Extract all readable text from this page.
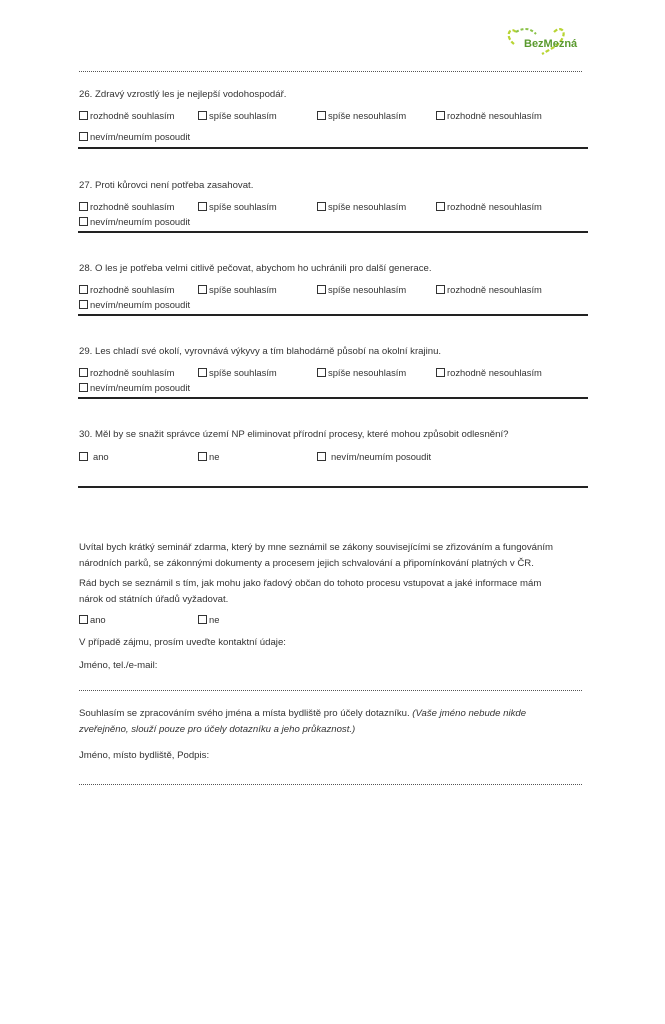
BezMezná
26. Zdravý vzrostlý les je nejlepší vodohospodář.
rozhodně souhlasím	spíše souhlasím	spíše nesouhlasím	rozhodně nesouhlasím
nevím/neumím posoudit
27. Proti kůrovci není potřeba zasahovat.
rozhodně souhlasím	spíše souhlasím	spíše nesouhlasím	rozhodně nesouhlasím
nevím/neumím posoudit
28. O les je potřeba velmi citlivě pečovat, abychom ho uchránili pro další generace.
rozhodně souhlasím	spíše souhlasím	spíše nesouhlasím	rozhodně nesouhlasím
nevím/neumím posoudit
29. Les chladí své okolí, vyrovnává výkyvy a tím blahodárně působí na okolní krajinu.
rozhodně souhlasím	spíše souhlasím	spíše nesouhlasím	rozhodně nesouhlasím
nevím/neumím posoudit
30. Měl by se snažit správce území NP eliminovat přírodní procesy, které mohou způsobit odlesnění?
ano	ne	nevím/neumím posoudit
Uvítal bych krátký seminář zdarma, který by mne seznámil se zákony souvisejícími se zřizováním a fungováním
národních parků, se zákonnými dokumenty a procesem jejich schvalování a připomínkování platných v ČR.
Rád bych se seznámil s tím, jak mohu jako řadový občan do tohoto procesu vstupovat a jaké informace mám
nárok od státních úřadů vyžadovat.
ano	ne
V případě zájmu, prosím uveďte kontaktní údaje:
Jméno, tel./e-mail:
Souhlasím se zpracováním svého jména a místa bydliště pro účely dotazníku. (Vaše jméno nebude nikde
zveřejněno, slouží pouze pro účely dotazníku a jeho průkaznost.)
Jméno, místo bydliště, Podpis:
